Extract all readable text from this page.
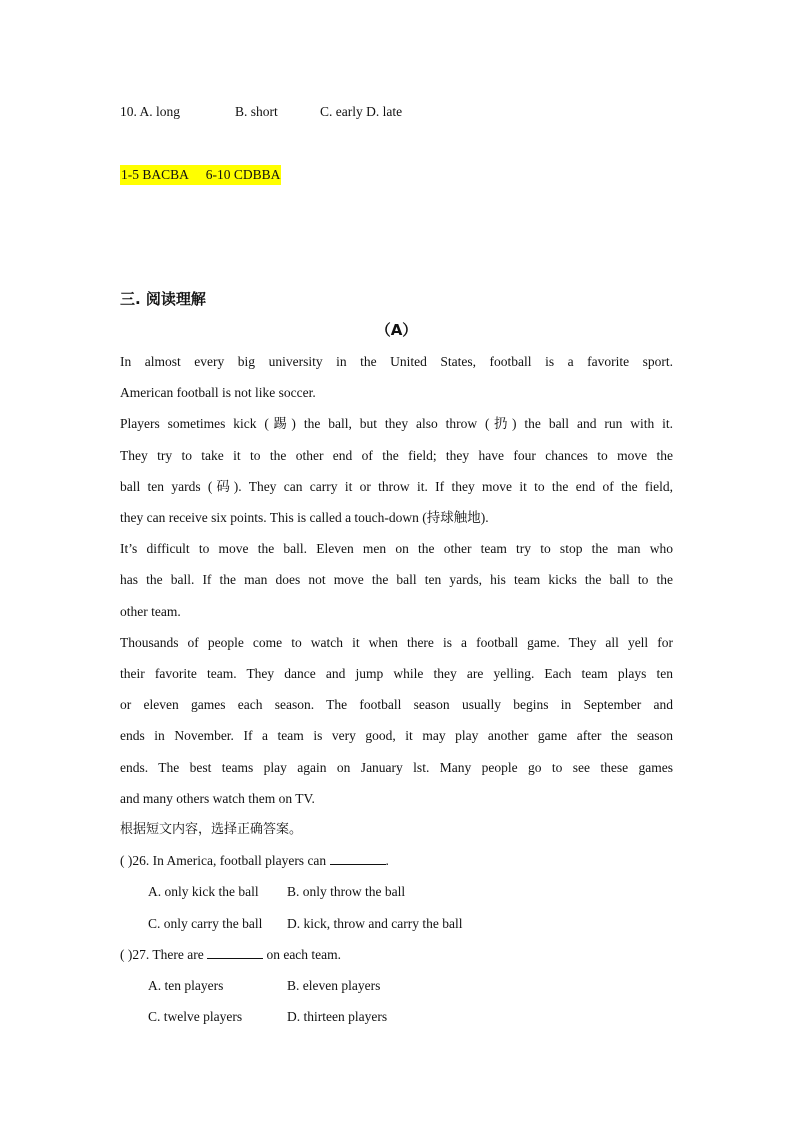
10. A. long	B. short	C. early D. late
1-5 BACBA 6-10 CDBBA
三. 阅读理解
（A）
In almost every big university in the United States, football is a favorite sport.
American football is not like soccer.
Players sometimes kick (踢) the ball, but they also throw (扔) the ball and run with it.
They try to take it to the other end of the field; they have four chances to move the
ball ten yards (码). They can carry it or throw it. If they move it to the end of the field,
they can receive six points. This is called a touch-down (持球触地).
It’s difficult to move the ball. Eleven men on the other team try to stop the man who
has the ball. If the man does not move the ball ten yards, his team kicks the ball to the
other team.
Thousands of people come to watch it when there is a football game. They all yell for
their favorite team. They dance and jump while they are yelling. Each team plays ten
or eleven games each season. The football season usually begins in September and
ends in November. If a team is very good, it may play another game after the season
ends. The best teams play again on January lst. Many people go to see these games
and many others watch them on TV.
根据短文内容，选择正确答案。
( )26. In America, football players can	.
A. only kick the ball B. only throw the ball
C. only carry the ball D. kick, throw and carry the ball
( )27. There are	on each team.
A. ten players	B. eleven players
C. twelve players	D. thirteen players
